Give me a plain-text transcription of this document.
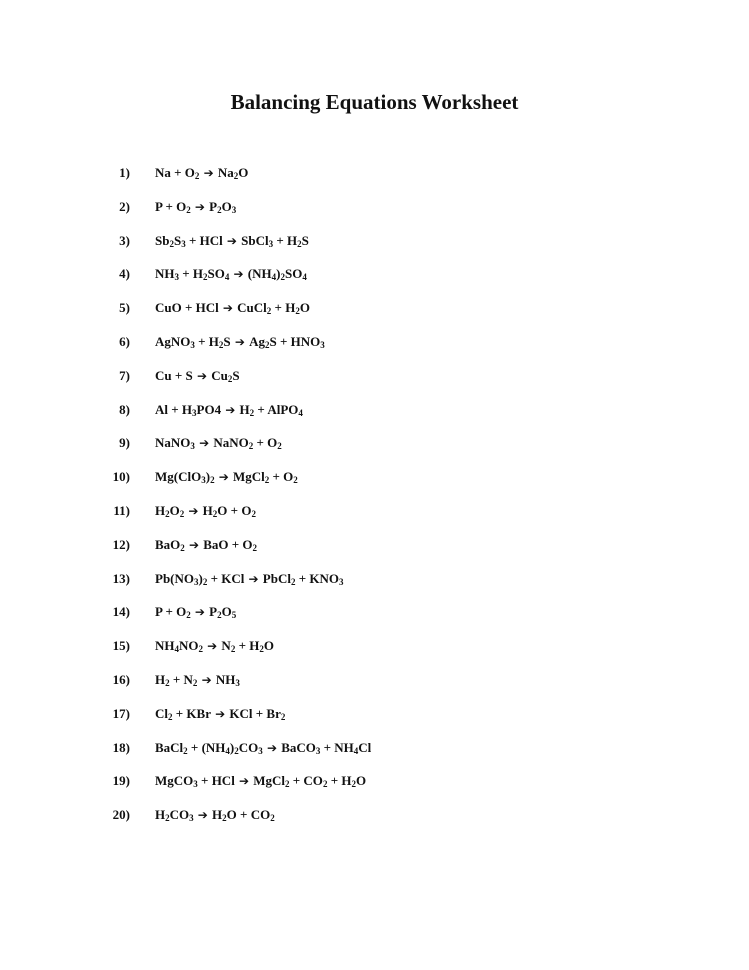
Balancing Equations Worksheet
1) $Na + O_2$ ➔ $Na_2O$
2) $P + O_2$ ➔ $P_2O_3$
3) $Sb_2S_3$ + HCl ➔ SbCl$_3$ + $H_2S$
4) $NH_3 + H_2SO_4$ ➔ $(NH_4)_2SO_4$
5) CuO + HCl ➔ CuCl$_2$ + $H_2O$
6) AgNO$_3$ + $H_2S$ ➔ $Ag_2S + HNO_3$
7) Cu + S ➔ $Cu_2S$
8) $Al + H_3PO4$ ➔ $H_2$ + AlPO$_4$
9) NaNO$_3$ ➔ NaNO$_2$ + $O_2$
10) $Mg(ClO_3)_2$ ➔ MgCl$_2$ + $O_2$
11) $H_2O_2$ ➔ $H_2O + O_2$
12) BaO$_2$ ➔ BaO + $O_2$
13) $Pb(NO_3)_2$ + KCl ➔ PbCl$_2$ + $KNO_3$
14) $P + O_2$ ➔ $P_2O_5$
15) $NH_4NO_2$ ➔ $N_2 + H_2O$
16) $H_2 + N_2$ ➔ $NH_3$
17) $Cl_2$ + KBr ➔ KCl + $Br_2$
18) BaCl$_2$ + $(NH_4)_2CO_3$ ➔ BaCO$_3$ + $NH_4Cl$
19) MgCO$_3$ + HCl ➔ MgCl$_2$ + $CO_2 + H_2O$
20) $H_2CO_3$ ➔ $H_2O + CO_2$
